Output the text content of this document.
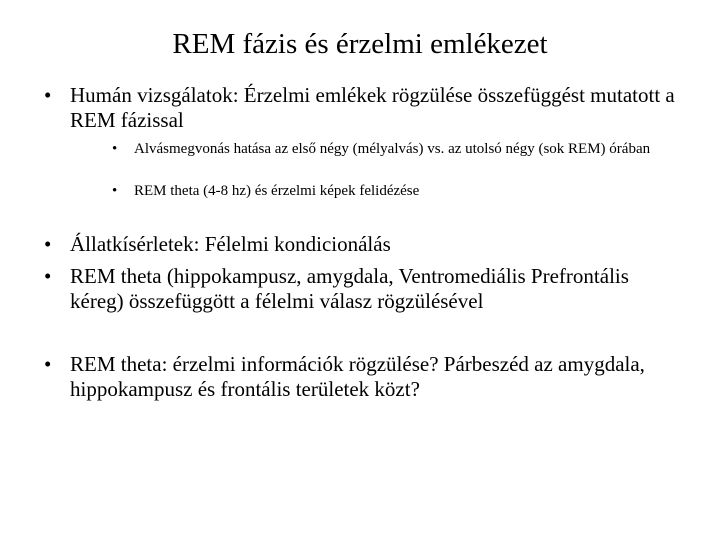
REM fázis és érzelmi emlékezet
• Humán vizsgálatok: Érzelmi emlékek rögzülése összefüggést mutatott a REM fázissal
• Alvásmegvonás hatása az első négy (mélyalvás) vs. az utolsó négy (sok REM) órában
• REM theta (4-8 hz) és érzelmi képek felidézése
• Állatkísérletek: Félelmi kondicionálás
• REM theta (hippokampusz, amygdala, Ventromediális Prefrontális kéreg) összefüggött a félelmi válasz rögzülésével
• REM theta: érzelmi információk rögzülése? Párbeszéd az amygdala, hippokampusz és frontális területek közt?
